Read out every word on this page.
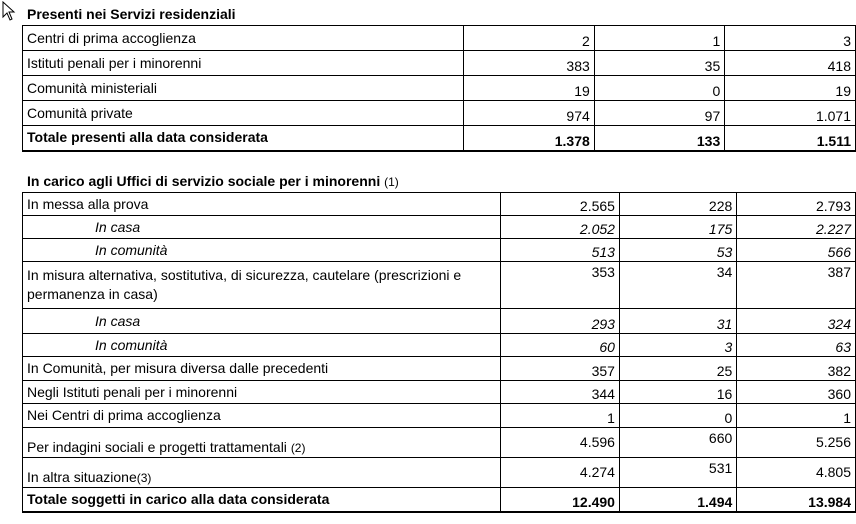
Presenti nei Servizi residenziali
Centri di prima accoglienza	2	1	3
Istituti penali per i minorenni	383	35	418
Comunità ministeriali	19	0	19
Comunità private	974	97	1.071
Totale presenti alla data considerata	1.378	133	1.511
In carico agli Uffici di servizio sociale per i minorenni (1)
In messa alla prova	2.565	228	2.793
In casa	2.052	175	2.227
In comunità	513	53	566
In misura alternativa, sostitutiva, di sicurezza, cautelare (prescrizioni e permanenza in casa)	353	34	387
In casa	293	31	324
In comunità	60	3	63
In Comunità, per misura diversa dalle precedenti	357	25	382
Negli Istituti penali per i minorenni	344	16	360
Nei Centri di prima accoglienza	1	0	1
Per indagini sociali e progetti trattamentali (2)	4.596	660	5.256
In altra situazione(3)	4.274	531	4.805
Totale soggetti in carico alla data considerata	12.490	1.494	13.984
